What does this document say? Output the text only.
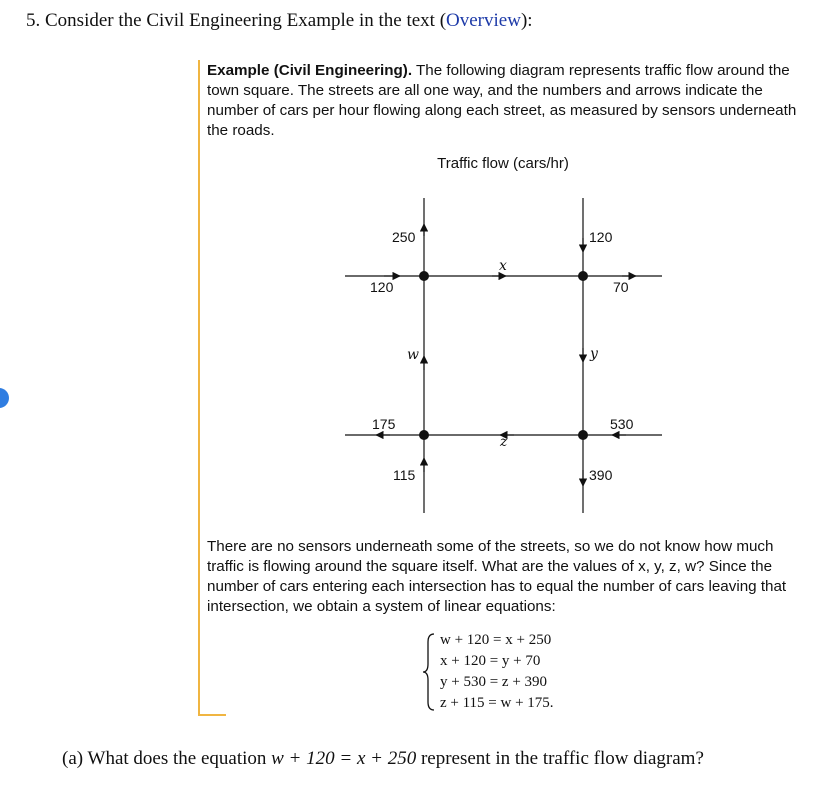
5. Consider the Civil Engineering Example in the text (Overview):
Example (Civil Engineering). The following diagram represents traffic flow around the town square. The streets are all one way, and the numbers and arrows indicate the number of cars per hour flowing along each street, as measured by sensors underneath the roads.
Traffic flow (cars/hr)
250
120
120
70
175	530
115	390
x
y
z
w
There are no sensors underneath some of the streets, so we do not know how much traffic is flowing around the square itself. What are the values of x, y, z, w? Since the number of cars entering each intersection has to equal the number of cars leaving that intersection, we obtain a system of linear equations:
w + 120 = x + 250
x + 120 = y + 70
y + 530 = z + 390
z + 115 = w + 175.
(a) What does the equation w + 120 = x + 250 represent in the traffic flow diagram?
